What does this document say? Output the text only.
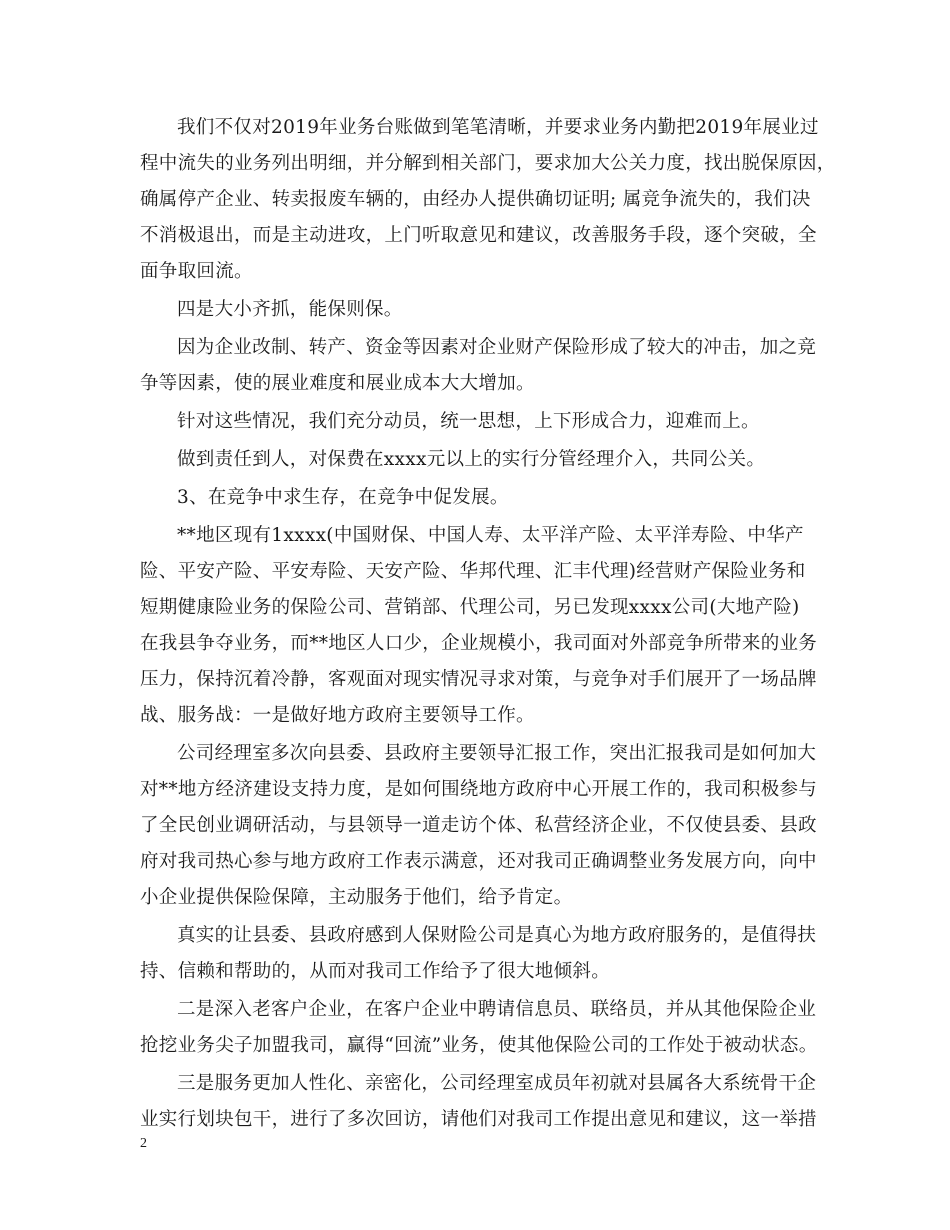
我们不仅对2019年业务台账做到笔笔清晰，并要求业务内勤把2019年展业过
程中流失的业务列出明细，并分解到相关部门，要求加大公关力度，找出脱保原因，
确属停产企业、转卖报废车辆的，由经办人提供确切证明; 属竞争流失的，我们决
不消极退出，而是主动进攻，上门听取意见和建议，改善服务手段，逐个突破，全
面争取回流。
四是大小齐抓，能保则保。
因为企业改制、转产、资金等因素对企业财产保险形成了较大的冲击，加之竞
争等因素，使的展业难度和展业成本大大增加。
针对这些情况，我们充分动员，统一思想，上下形成合力，迎难而上。
做到责任到人，对保费在xxxx元以上的实行分管经理介入，共同公关。
3、在竞争中求生存，在竞争中促发展。
**地区现有1xxxx(中国财保、中国人寿、太平洋产险、太平洋寿险、中华产
险、平安产险、平安寿险、天安产险、华邦代理、汇丰代理)经营财产保险业务和
短期健康险业务的保险公司、营销部、代理公司，另已发现xxxx公司(大地产险)
在我县争夺业务，而**地区人口少，企业规模小，我司面对外部竞争所带来的业务
压力，保持沉着冷静，客观面对现实情况寻求对策，与竞争对手们展开了一场品牌
战、服务战：一是做好地方政府主要领导工作。
公司经理室多次向县委、县政府主要领导汇报工作，突出汇报我司是如何加大
对**地方经济建设支持力度，是如何围绕地方政府中心开展工作的，我司积极参与
了全民创业调研活动，与县领导一道走访个体、私营经济企业，不仅使县委、县政
府对我司热心参与地方政府工作表示满意，还对我司正确调整业务发展方向，向中
小企业提供保险保障，主动服务于他们，给予肯定。
真实的让县委、县政府感到人保财险公司是真心为地方政府服务的，是值得扶
持、信赖和帮助的，从而对我司工作给予了很大地倾斜。
二是深入老客户企业，在客户企业中聘请信息员、联络员，并从其他保险企业
抢挖业务尖子加盟我司，赢得“回流”业务，使其他保险公司的工作处于被动状态。
三是服务更加人性化、亲密化，公司经理室成员年初就对县属各大系统骨干企
业实行划块包干，进行了多次回访，请他们对我司工作提出意见和建议，这一举措
2
